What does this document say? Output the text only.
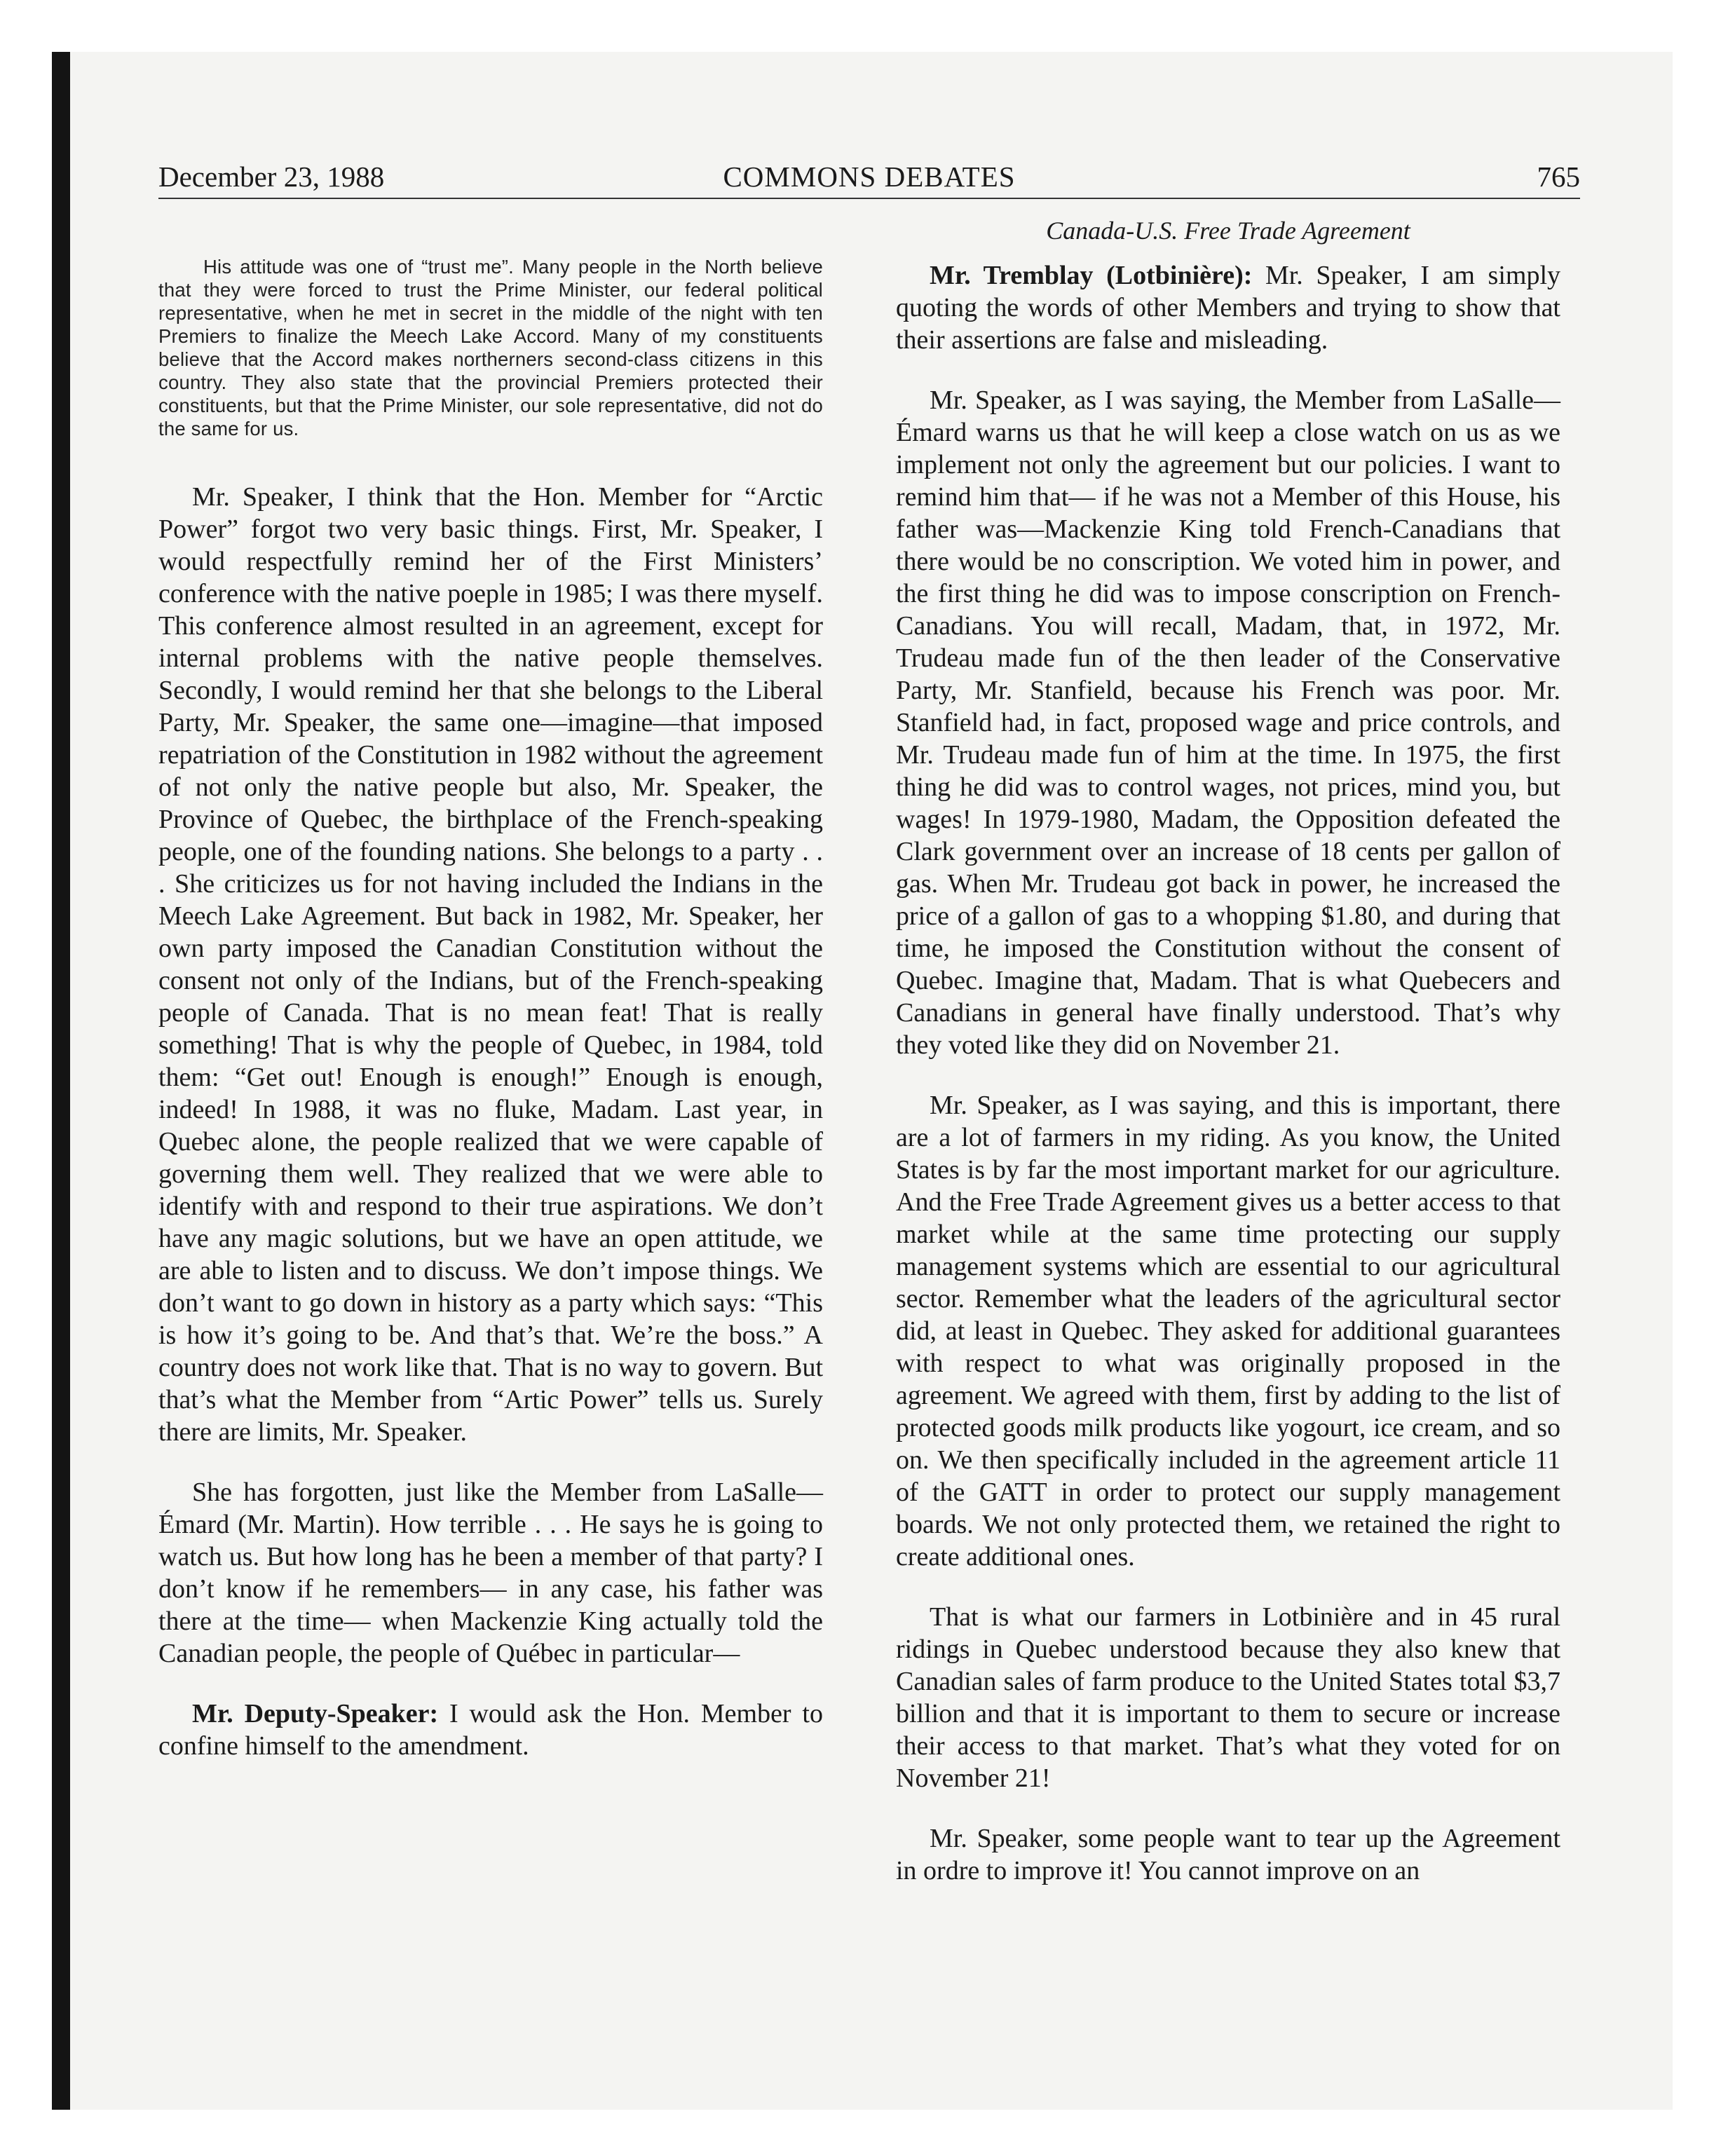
December 23, 1988	COMMONS DEBATES	765

His attitude was one of “trust me”. Many people in the North believe that they were forced to trust the Prime Minister, our federal political representative, when he met in secret in the middle of the night with ten Premiers to finalize the Meech Lake Accord. Many of my constituents believe that the Accord makes northerners second-class citizens in this country. They also state that the provincial Premiers protected their constituents, but that the Prime Minister, our sole representative, did not do the same for us.

Mr. Speaker, I think that the Hon. Member for “Arctic Power” forgot two very basic things. First, Mr. Speaker, I would respectfully remind her of the First Ministers’ conference with the native poeple in 1985; I was there myself. This conference almost resulted in an agreement, except for internal problems with the native people themselves. Secondly, I would remind her that she belongs to the Liberal Party, Mr. Speaker, the same one—imagine—that imposed repatriation of the Constitution in 1982 without the agreement of not only the native people but also, Mr. Speaker, the Province of Quebec, the birthplace of the French-speaking people, one of the founding nations. She belongs to a party . . . She criticizes us for not having included the Indians in the Meech Lake Agreement. But back in 1982, Mr. Speaker, her own party imposed the Canadian Constitution without the consent not only of the Indians, but of the French-speaking people of Canada. That is no mean feat! That is really something! That is why the people of Quebec, in 1984, told them: “Get out! Enough is enough!” Enough is enough, indeed! In 1988, it was no fluke, Madam. Last year, in Quebec alone, the people realized that we were capable of governing them well. They realized that we were able to identify with and respond to their true aspirations. We don’t have any magic solutions, but we have an open attitude, we are able to listen and to discuss. We don’t impose things. We don’t want to go down in history as a party which says: “This is how it’s going to be. And that’s that. We’re the boss.” A country does not work like that. That is no way to govern. But that’s what the Member from “Artic Power” tells us. Surely there are limits, Mr. Speaker.

She has forgotten, just like the Member from LaSalle—Émard (Mr. Martin). How terrible . . . He says he is going to watch us. But how long has he been a member of that party? I don’t know if he remembers— in any case, his father was there at the time— when Mackenzie King actually told the Canadian people, the people of Québec in particular—

Mr. Deputy-Speaker: I would ask the Hon. Member to confine himself to the amendment.

Canada-U.S. Free Trade Agreement

Mr. Tremblay (Lotbinière): Mr. Speaker, I am simply quoting the words of other Members and trying to show that their assertions are false and misleading.

Mr. Speaker, as I was saying, the Member from LaSalle—Émard warns us that he will keep a close watch on us as we implement not only the agreement but our policies. I want to remind him that— if he was not a Member of this House, his father was—Mackenzie King told French-Canadians that there would be no conscription. We voted him in power, and the first thing he did was to impose conscription on French-Canadians. You will recall, Madam, that, in 1972, Mr. Trudeau made fun of the then leader of the Conservative Party, Mr. Stanfield, because his French was poor. Mr. Stanfield had, in fact, proposed wage and price controls, and Mr. Trudeau made fun of him at the time. In 1975, the first thing he did was to control wages, not prices, mind you, but wages! In 1979-1980, Madam, the Opposition defeated the Clark government over an increase of 18 cents per gallon of gas. When Mr. Trudeau got back in power, he increased the price of a gallon of gas to a whopping $1.80, and during that time, he imposed the Constitution without the consent of Quebec. Imagine that, Madam. That is what Quebecers and Canadians in general have finally understood. That’s why they voted like they did on November 21.

Mr. Speaker, as I was saying, and this is important, there are a lot of farmers in my riding. As you know, the United States is by far the most important market for our agriculture. And the Free Trade Agreement gives us a better access to that market while at the same time protecting our supply management systems which are essential to our agricultural sector. Remember what the leaders of the agricultural sector did, at least in Quebec. They asked for additional guarantees with respect to what was originally proposed in the agreement. We agreed with them, first by adding to the list of protected goods milk products like yogourt, ice cream, and so on. We then specifically included in the agreement article 11 of the GATT in order to protect our supply management boards. We not only protected them, we retained the right to create additional ones.

That is what our farmers in Lotbinière and in 45 rural ridings in Quebec understood because they also knew that Canadian sales of farm produce to the United States total $3,7 billion and that it is important to them to secure or increase their access to that market. That’s what they voted for on November 21!

Mr. Speaker, some people want to tear up the Agreement in ordre to improve it! You cannot improve on an
